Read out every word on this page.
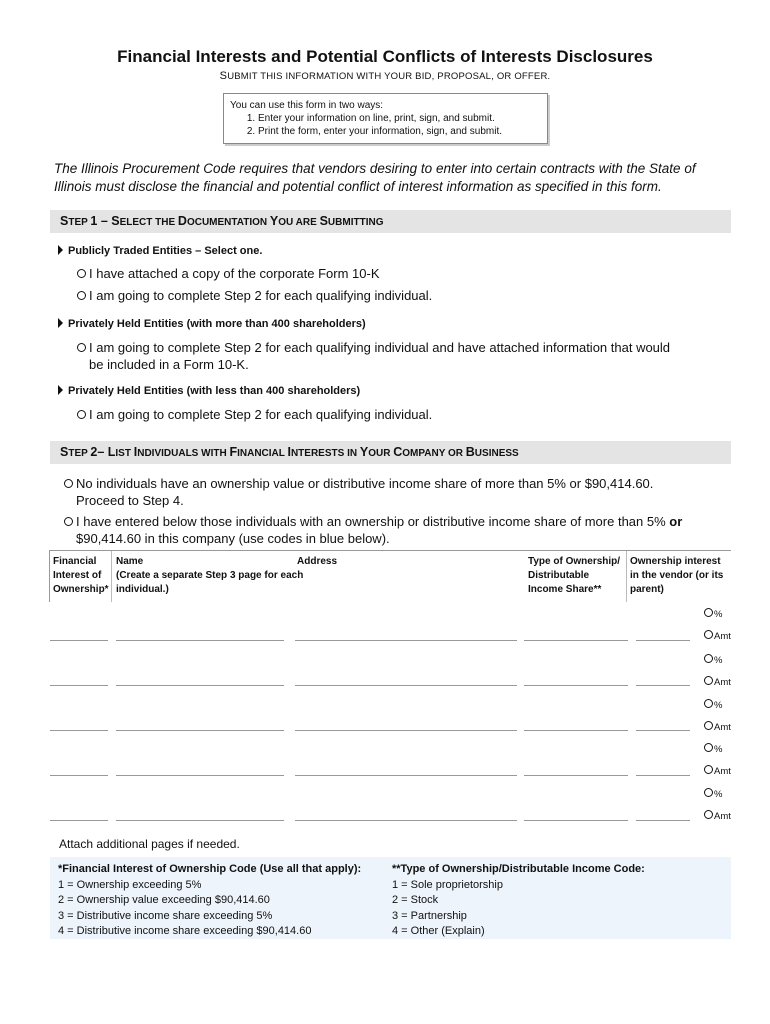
Financial Interests and Potential Conflicts of Interests Disclosures
SUBMIT THIS INFORMATION WITH YOUR BID, PROPOSAL, OR OFFER.
You can use this form in two ways:
1. Enter your information on line, print, sign, and submit.
2. Print the form, enter your information, sign, and submit.
The Illinois Procurement Code requires that vendors desiring to enter into certain contracts with the State of Illinois must disclose the financial and potential conflict of interest information as specified in this form.
STEP 1 – SELECT THE DOCUMENTATION YOU ARE SUBMITTING
Publicly Traded Entities – Select one.
I have attached a copy of the corporate Form 10-K
I am going to complete Step 2 for each qualifying individual.
Privately Held Entities (with more than 400 shareholders)
I am going to complete Step 2 for each qualifying individual and have attached information that would
be included in a Form 10-K.
Privately Held Entities (with less than 400 shareholders)
I am going to complete Step 2 for each qualifying individual.
STEP 2– LIST INDIVIDUALS WITH FINANCIAL INTERESTS IN YOUR COMPANY OR BUSINESS
No individuals have an ownership value or distributive income share of more than 5% or $90,414.60.
Proceed to Step 4.
I have entered below those individuals with an ownership or distributive income share of more than 5% or
$90,414.60 in this company (use codes in blue below).
Financial
Interest of
Ownership*
Name
(Create a separate Step 3 page for each
individual.)
Address	Type of Ownership/
Distributable
Income Share**
Ownership interest
in the vendor (or its
parent)
%
Amt
%
Amt
%
Amt
%
Amt
%
Amt
Attach additional pages if needed.
*Financial Interest of Ownership Code (Use all that apply):
1 = Ownership exceeding 5%
2 = Ownership value exceeding $90,414.60
3 = Distributive income share exceeding 5%
4 = Distributive income share exceeding $90,414.60
**Type of Ownership/Distributable Income Code:
1 = Sole proprietorship
2 = Stock
3 = Partnership
4 = Other (Explain)
